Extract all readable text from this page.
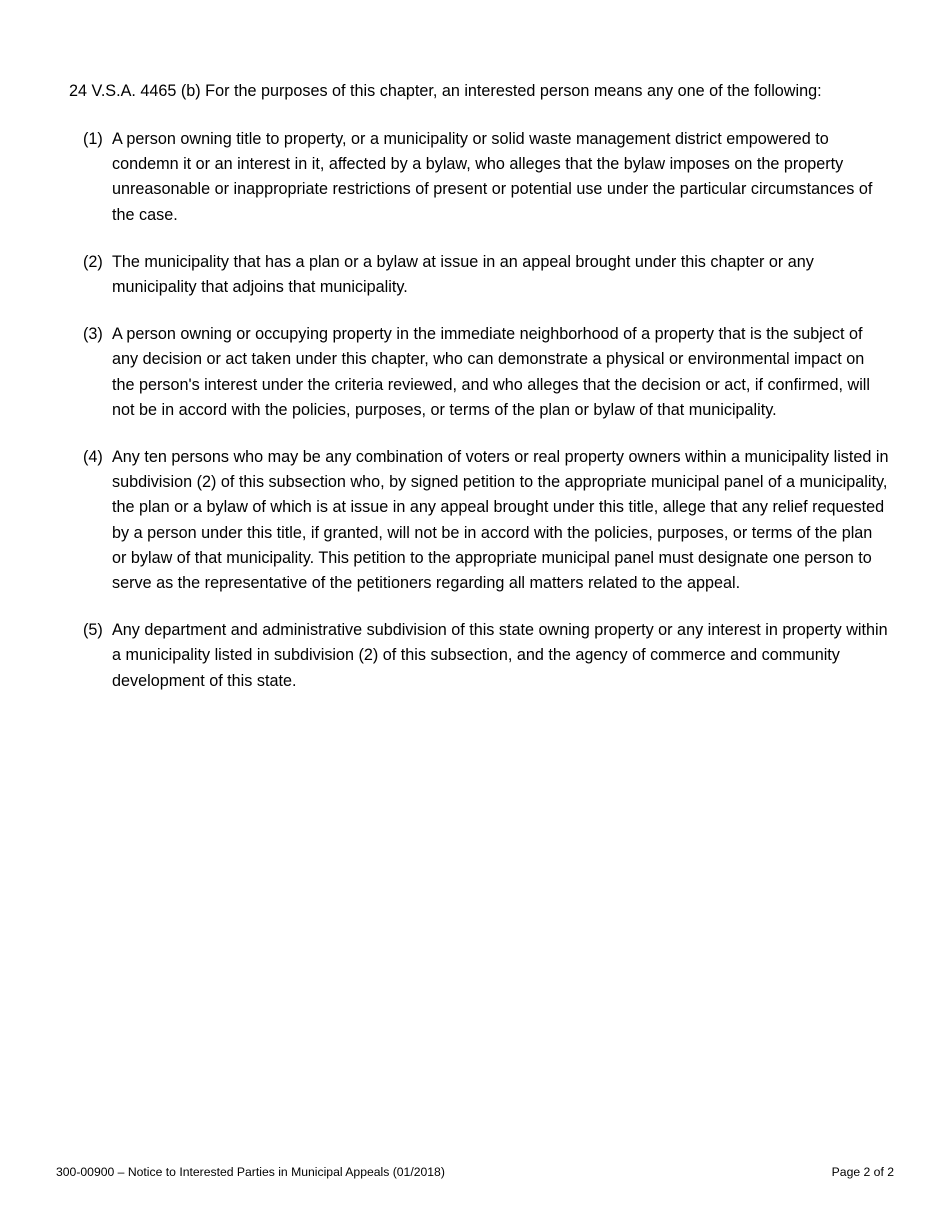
24 V.S.A. 4465 (b) For the purposes of this chapter, an interested person means any one of the following:
(1) A person owning title to property, or a municipality or solid waste management district empowered to condemn it or an interest in it, affected by a bylaw, who alleges that the bylaw imposes on the property unreasonable or inappropriate restrictions of present or potential use under the particular circumstances of the case.
(2) The municipality that has a plan or a bylaw at issue in an appeal brought under this chapter or any municipality that adjoins that municipality.
(3) A person owning or occupying property in the immediate neighborhood of a property that is the subject of any decision or act taken under this chapter, who can demonstrate a physical or environmental impact on the person's interest under the criteria reviewed, and who alleges that the decision or act, if confirmed, will not be in accord with the policies, purposes, or terms of the plan or bylaw of that municipality.
(4) Any ten persons who may be any combination of voters or real property owners within a municipality listed in subdivision (2) of this subsection who, by signed petition to the appropriate municipal panel of a municipality, the plan or a bylaw of which is at issue in any appeal brought under this title, allege that any relief requested by a person under this title, if granted, will not be in accord with the policies, purposes, or terms of the plan or bylaw of that municipality. This petition to the appropriate municipal panel must designate one person to serve as the representative of the petitioners regarding all matters related to the appeal.
(5) Any department and administrative subdivision of this state owning property or any interest in property within a municipality listed in subdivision (2) of this subsection, and the agency of commerce and community development of this state.
300-00900 – Notice to Interested Parties in Municipal Appeals (01/2018)	Page 2 of 2
